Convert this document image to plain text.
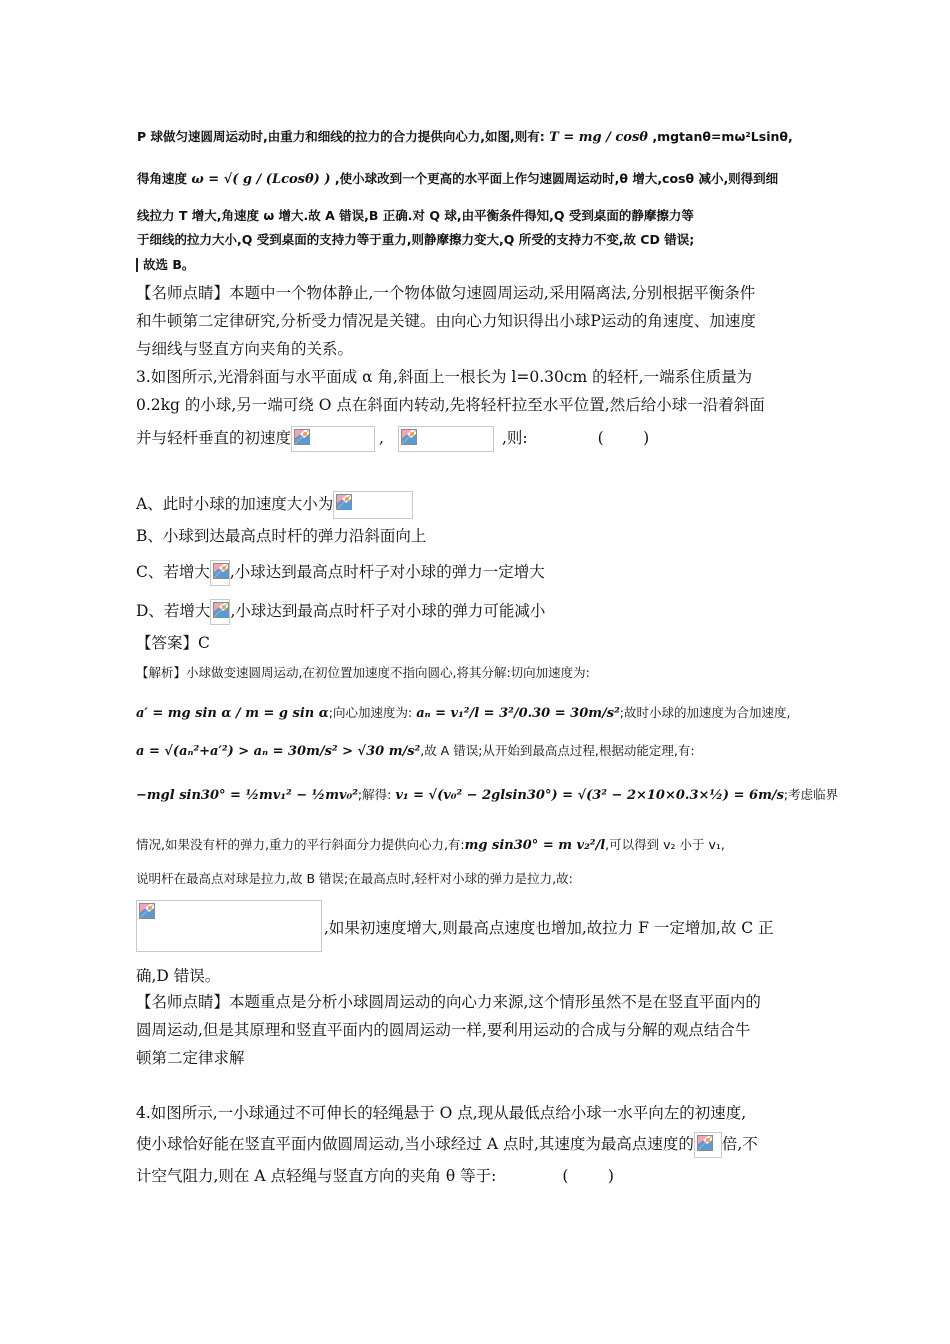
P 球做匀速圆周运动时,由重力和细线的拉力的合力提供向心力,如图,则有: T = mg / cosθ ,mgtanθ=mω²Lsinθ,
得角速度 ω = √( g / (Lcosθ) ) ,使小球改到一个更高的水平面上作匀速圆周运动时,θ 增大,cosθ 减小,则得到细
线拉力 T 增大,角速度 ω 增大.故 A 错误,B 正确.对 Q 球,由平衡条件得知,Q 受到桌面的静摩擦力等
于细线的拉力大小,Q 受到桌面的支持力等于重力,则静摩擦力变大,Q 所受的支持力不变,故 CD 错误;
故选 B。
【名师点睛】本题中一个物体静止,一个物体做匀速圆周运动,采用隔离法,分别根据平衡条件
和牛顿第二定律研究,分析受力情况是关键。由向心力知识得出小球P运动的角速度、加速度
与细线与竖直方向夹角的关系。
3.如图所示,光滑斜面与水平面成 α 角,斜面上一根长为 l=0.30cm 的轻杆,一端系住质量为
0.2kg 的小球,另一端可绕 O 点在斜面内转动,先将轻杆拉至水平位置,然后给小球一沿着斜面
并与轻杆垂直的初速度	,	,则:	(        )
A、此时小球的加速度大小为
B、小球到达最高点时杆的弹力沿斜面向上
C、若增大 ,小球达到最高点时杆子对小球的弹力一定增大
D、若增大 ,小球达到最高点时杆子对小球的弹力可能减小
【答案】C
【解析】小球做变速圆周运动,在初位置加速度不指向圆心,将其分解:切向加速度为:
a′ = mg sin α / m = g sin α;向心加速度为: aₙ = v₁²/l = 3²/0.30 = 30m/s²;故时小球的加速度为合加速度,
a = √(aₙ²+a′²) > aₙ = 30m/s² > √30 m/s²,故 A 错误;从开始到最高点过程,根据动能定理,有:
−mgl sin30° = ½mv₁² − ½mv₀²;解得: v₁ = √(v₀² − 2glsin30°) = √(3² − 2×10×0.3×½) = 6m/s;考虑临界
情况,如果没有杆的弹力,重力的平行斜面分力提供向心力,有:mg sin30° = m v₂²/l,可以得到 v₂ 小于 v₁,
说明杆在最高点对球是拉力,故 B 错误;在最高点时,轻杆对小球的弹力是拉力,故:
,如果初速度增大,则最高点速度也增加,故拉力 F 一定增加,故 C 正
确,D 错误。
【名师点睛】本题重点是分析小球圆周运动的向心力来源,这个情形虽然不是在竖直平面内的
圆周运动,但是其原理和竖直平面内的圆周运动一样,要利用运动的合成与分解的观点结合牛
顿第二定律求解
4.如图所示,一小球通过不可伸长的轻绳悬于 O 点,现从最低点给小球一水平向左的初速度,
使小球恰好能在竖直平面内做圆周运动,当小球经过 A 点时,其速度为最高点速度的 倍,不
计空气阻力,则在 A 点轻绳与竖直方向的夹角 θ 等于:	(        )
